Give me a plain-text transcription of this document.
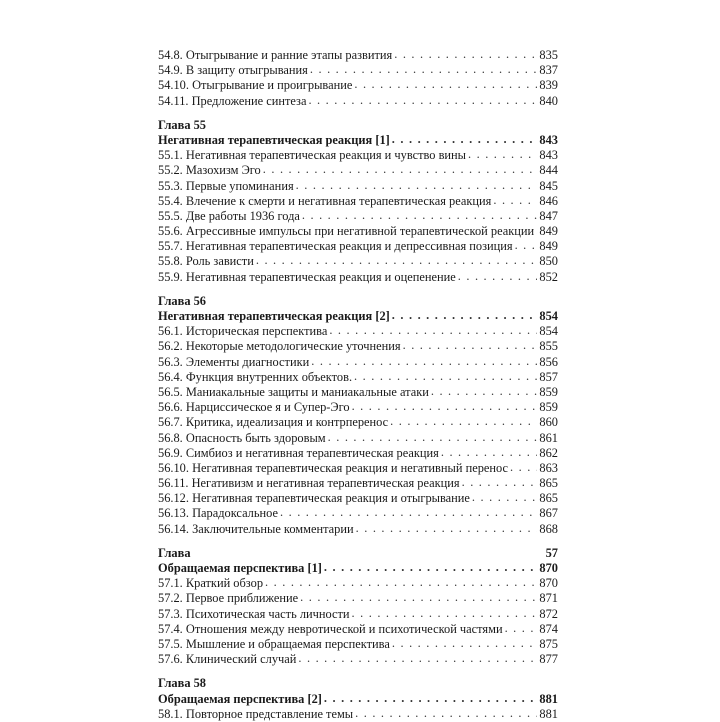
54.8. Отыгрывание и ранние этапы развития . . .	835
54.9. В защиту отыгрывания . . .	837
54.10. Отыгрывание и проигрывание . . .	839
54.11. Предложение синтеза . . .	840
Глава 55
Негативная терапевтическая реакция [1] . . .	843
55.1. Негативная терапевтическая реакция и чувство вины . . .	843
55.2. Мазохизм Эго . . .	844
55.3. Первые упоминания . . .	845
55.4. Влечение к смерти и негативная терапевтическая реакция . . .	846
55.5. Две работы 1936 года . . .	847
55.6. Агрессивные импульсы при негативной терапевтической реакции . . . 849
55.7. Негативная терапевтическая реакция и депрессивная позиция . . . 849
55.8. Роль зависти . . .	850
55.9. Негативная терапевтическая реакция и оцепенение . . .	852
Глава 56
Негативная терапевтическая реакция [2] . . .	854
56.1. Историческая перспектива . . .	854
56.2. Некоторые методологические уточнения . . .	855
56.3. Элементы диагностики . . .	856
56.4. Функция внутренних объектов. . . .	857
56.5. Маниакальные защиты и маниакальные атаки . . .	859
56.6. Нарциссическое я и Супер-Эго . . .	859
56.7. Критика, идеализация и контрперенос . . .	860
56.8. Опасность быть здоровым . . .	861
56.9. Симбиоз и негативная терапевтическая реакция . . .	862
56.10. Негативная терапевтическая реакция и негативный перенос . . .	863
56.11. Негативизм и негативная терапевтическая реакция . . .	865
56.12. Негативная терапевтическая реакция и отыгрывание . . .	865
56.13. Парадоксальное . . .	867
56.14. Заключительные комментарии . . .	868
Глава	57
Обращаемая перспектива [1] . . .	870
57.1. Краткий обзор . . .	870
57.2. Первое приближение . . .	871
57.3. Психотическая часть личности . . .	872
57.4. Отношения между невротической и психотической частями . . .	874
57.5. Мышление и обращаемая перспектива . . .	875
57.6. Клинический случай . . .	877
Глава 58
Обращаемая перспектива [2] . . .	881
58.1. Повторное представление темы . . .	881
